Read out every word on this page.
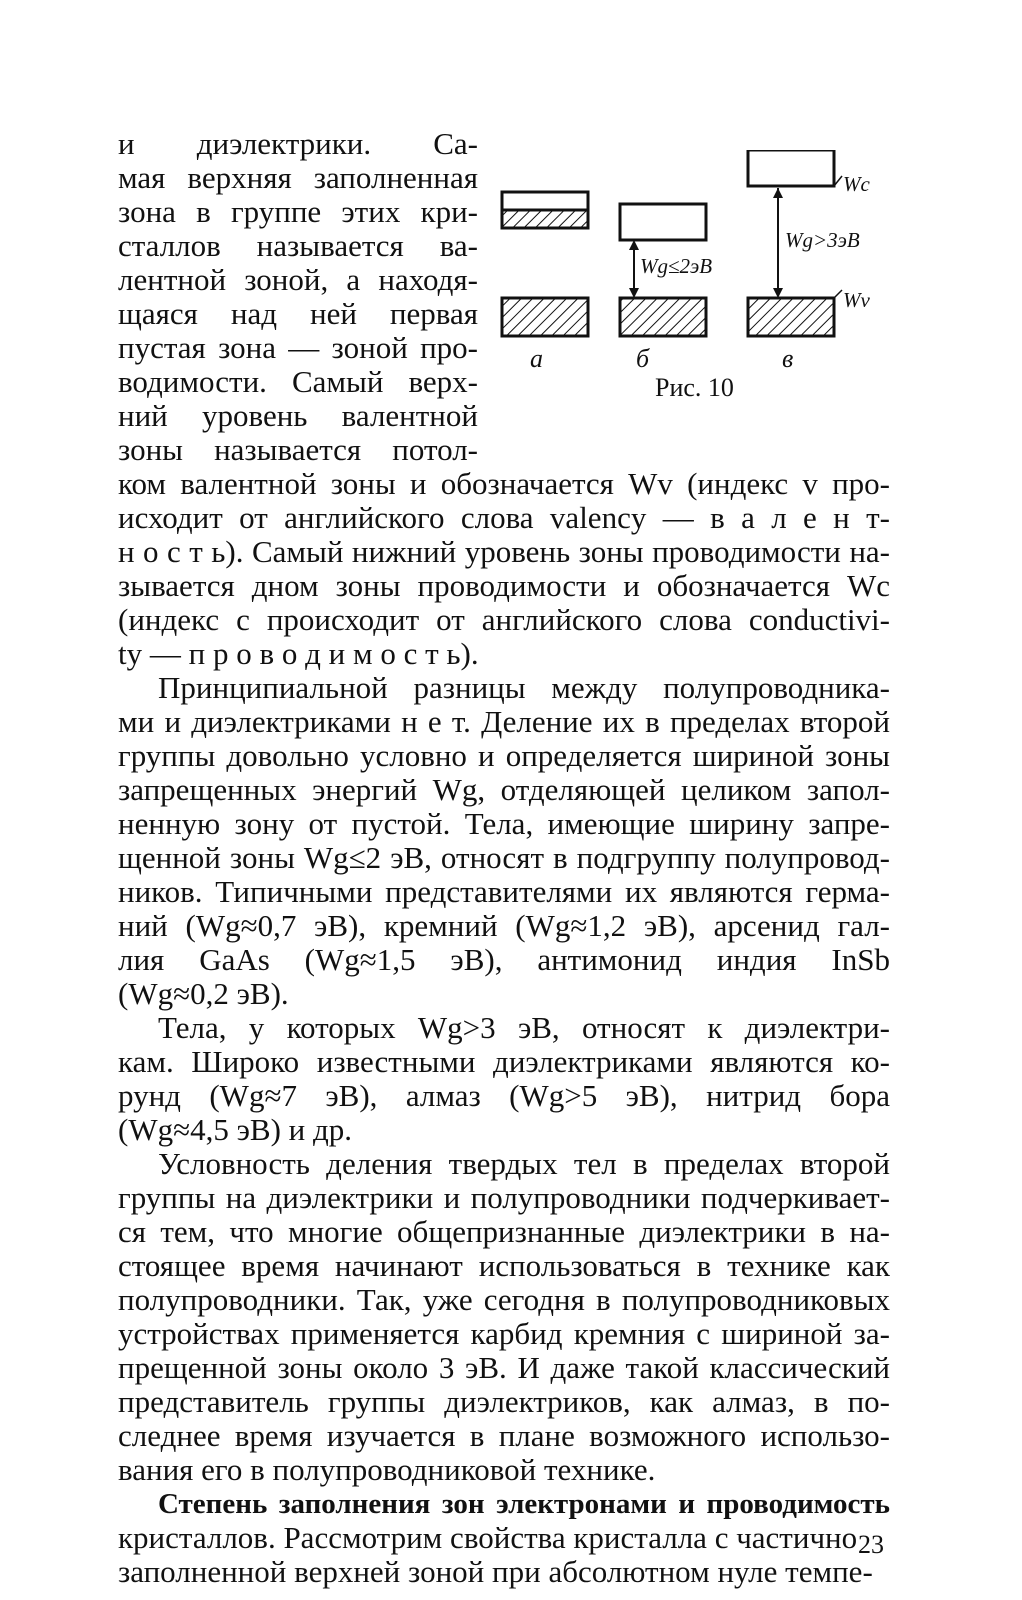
и диэлектрики. Са-
мая верхняя заполненная
зона в группе этих кри-
сталлов называется ва-
лентной зоной, а находя-
щаяся над ней первая
пустая зона — зоной про-
водимости. Самый верх-
ний уровень валентной
зоны называется потол-
ком валентной зоны и обозначается Wv (индекс v про-
исходит от английского слова valency — в а л е н т-
н о с т ь). Самый нижний уровень зоны проводимости на-
зывается дном зоны проводимости и обозначается Wc
(индекс c происходит от английского слова conductivi-
ty — п р о в о д и м о с т ь).
Принципиальной разницы между полупроводника-
ми и диэлектриками н е т. Деление их в пределах второй
группы довольно условно и определяется шириной зоны
запрещенных энергий Wg, отделяющей целиком запол-
ненную зону от пустой. Тела, имеющие ширину запре-
щенной зоны Wg≤2 эВ, относят в подгруппу полупровод-
ников. Типичными представителями их являются герма-
ний (Wg≈0,7 эВ), кремний (Wg≈1,2 эВ), арсенид гал-
лия GaAs (Wg≈1,5 эВ), антимонид индия InSb
(Wg≈0,2 эВ).
Тела, у которых Wg>3 эВ, относят к диэлектри-
кам. Широко известными диэлектриками являются ко-
рунд (Wg≈7 эВ), алмаз (Wg>5 эВ), нитрид бора
(Wg≈4,5 эВ) и др.
Условность деления твердых тел в пределах второй
группы на диэлектрики и полупроводники подчеркивает-
ся тем, что многие общепризнанные диэлектрики в на-
стоящее время начинают использоваться в технике как
полупроводники. Так, уже сегодня в полупроводниковых
устройствах применяется карбид кремния с шириной за-
прещенной зоны около 3 эВ. И даже такой классический
представитель группы диэлектриков, как алмаз, в по-
следнее время изучается в плане возможного использо-
вания его в полупроводниковой технике.
Степень заполнения зон электронами и проводимость
кристаллов. Рассмотрим свойства кристалла с частично
заполненной верхней зоной при абсолютном нуле темпе-
Wg≤2эВ
Wg>3эВ
Wc
Wv
а	б	в
Рис. 10
23
